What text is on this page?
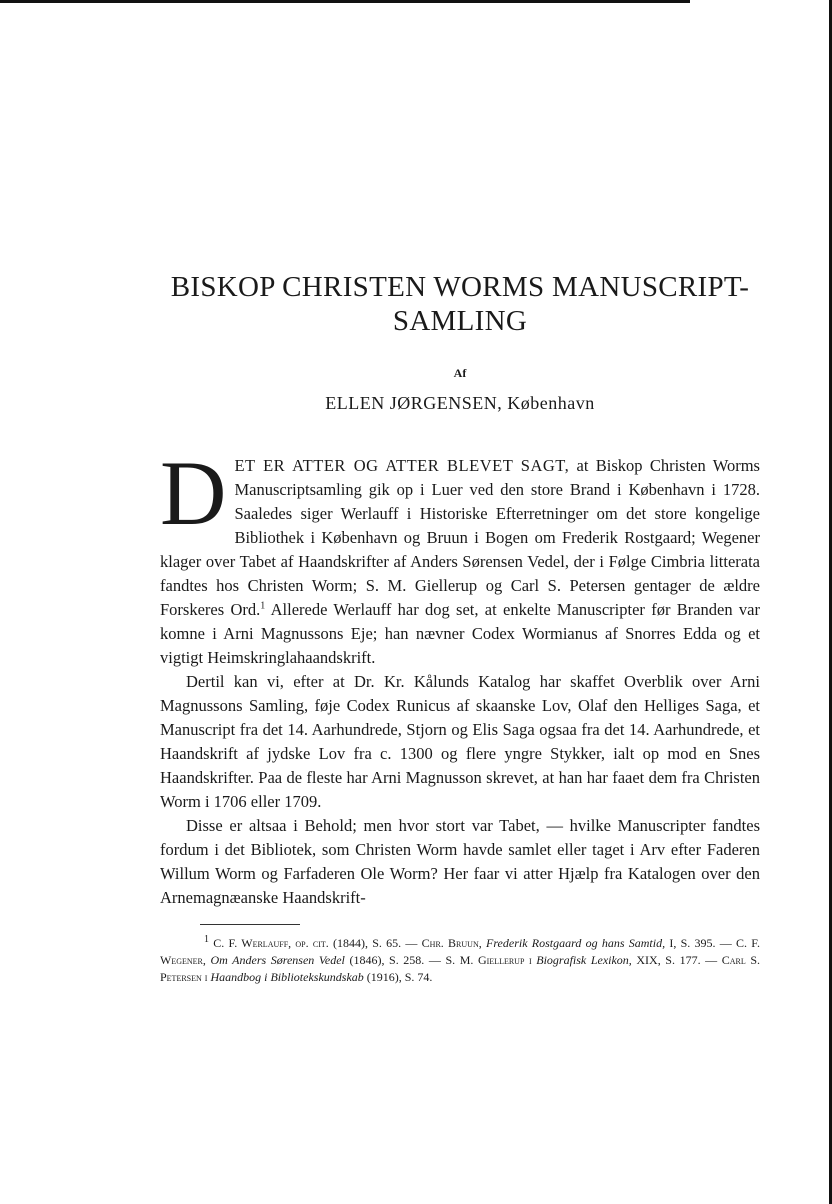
BISKOP CHRISTEN WORMS MANUSCRIPT-
SAMLING
Af
ELLEN JØRGENSEN, København

DET ER ATTER OG ATTER BLEVET SAGT, at Biskop Christen Worms Manuscriptsamling gik op i Luer ved den store Brand i København i 1728. Saaledes siger Werlauff i Historiske Efterretninger om det store kongelige Bibliothek i København og Bruun i Bogen om Frederik Rostgaard; Wegener klager over Tabet af Haandskrifter af Anders Sørensen Vedel, der i Følge Cimbria litterata fandtes hos Christen Worm; S. M. Giellerup og Carl S. Petersen gentager de ældre Forskeres Ord.$^1$ Allerede Werlauff har dog set, at enkelte Manuscripter før Branden var komne i Arni Magnussons Eje; han nævner Codex Wormianus af Snorres Edda og et vigtigt Heimskringlahaandskrift.

Dertil kan vi, efter at Dr. Kr. Kålunds Katalog har skaffet Overblik over Arni Magnussons Samling, føje Codex Runicus af skaanske Lov, Olaf den Helliges Saga, et Manuscript fra det 14. Aarhundrede, Stjorn og Elis Saga ogsaa fra det 14. Aarhundrede, et Haandskrift af jydske Lov fra c. 1300 og flere yngre Stykker, ialt op mod en Snes Haandskrifter. Paa de fleste har Arni Magnusson skrevet, at han har faaet dem fra Christen Worm i 1706 eller 1709.

Disse er altsaa i Behold; men hvor stort var Tabet, — hvilke Manuscripter fandtes fordum i det Bibliotek, som Christen Worm havde samlet eller taget i Arv efter Faderen Willum Worm og Farfaderen Ole Worm? Her faar vi atter Hjælp fra Katalogen over den Arnemagnæanske Haandskrift-

$^1$ C. F. Werlauff, op. cit. (1844), S. 65. — Chr. Bruun, Frederik Rostgaard og hans Samtid, I, S. 395. — C. F. Wegener, Om Anders Sørensen Vedel (1846), S. 258. — S. M. Giellerup i Biografisk Lexikon, XIX, S. 177. — Carl S. Petersen i Haandbog i Bibliotekskundskab (1916), S. 74.
